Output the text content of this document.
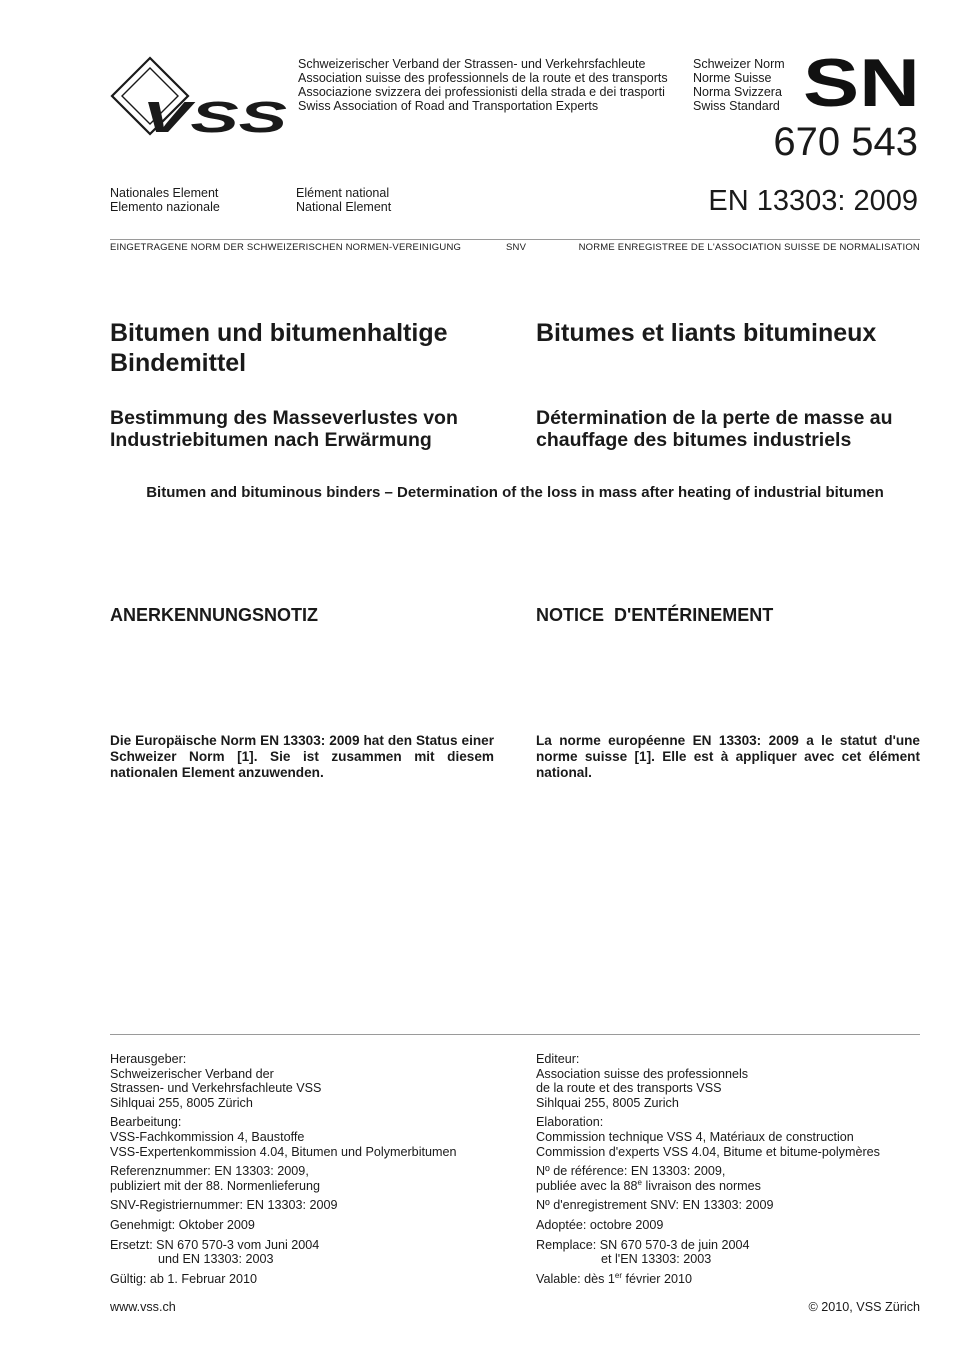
VSS
Schweizerischer Verband der Strassen- und Verkehrsfachleute
Association suisse des professionnels de la route et des transports
Associazione svizzera dei professionisti della strada e dei trasporti
Swiss Association of Road and Transportation Experts
Schweizer Norm
Norme Suisse
Norma Svizzera
Swiss Standard SN
670 543
EN 13303: 2009
Nationales Element
Elemento nazionale
Elément national
National Element
EINGETRAGENE NORM DER SCHWEIZERISCHEN NORMEN-VEREINIGUNG	SNV	NORME ENREGISTREE DE L'ASSOCIATION SUISSE DE NORMALISATION
Bitumen und bitumenhaltige Bindemittel
Bitumes et liants bitumineux
Bestimmung des Masseverlustes von Industriebitumen nach Erwärmung
Détermination de la perte de masse au chauffage des bitumes industriels
Bitumen and bituminous binders – Determination of the loss in mass after heating of industrial bitumen
ANERKENNUNGSNOTIZ	NOTICE  D'ENTÉRINEMENT
Die Europäische Norm EN 13303: 2009 hat den Status einer Schweizer Norm [1]. Sie ist zusammen mit diesem nationalen Element anzuwenden.
La norme européenne EN 13303: 2009 a le statut d'une norme suisse [1]. Elle est à appliquer avec cet élément national.

Herausgeber:
Schweizerischer Verband der
Strassen- und Verkehrsfachleute VSS
Sihlquai 255, 8005 Zürich

Bearbeitung:
VSS-Fachkommission 4, Baustoffe
VSS-Expertenkommission 4.04, Bitumen und Polymerbitumen

Referenznummer: EN 13303: 2009,
publiziert mit der 88. Normenlieferung

SNV-Registriernummer: EN 13303: 2009

Genehmigt: Oktober 2009

Ersetzt: SN 670 570-3 vom Juni 2004
und EN 13303: 2003

Gültig: ab 1. Februar 2010

Editeur:
Association suisse des professionnels
de la route et des transports VSS
Sihlquai 255, 8005 Zurich

Elaboration:
Commission technique VSS 4, Matériaux de construction
Commission d'experts VSS 4.04, Bitume et bitume-polymères

Nº de référence: EN 13303: 2009,
publiée avec la 88e livraison des normes

Nº d'enregistrement SNV: EN 13303: 2009

Adoptée: octobre 2009

Remplace: SN 670 570-3 de juin 2004
et l'EN 13303: 2003

Valable: dès 1er février 2010

www.vss.ch	© 2010, VSS Zürich
